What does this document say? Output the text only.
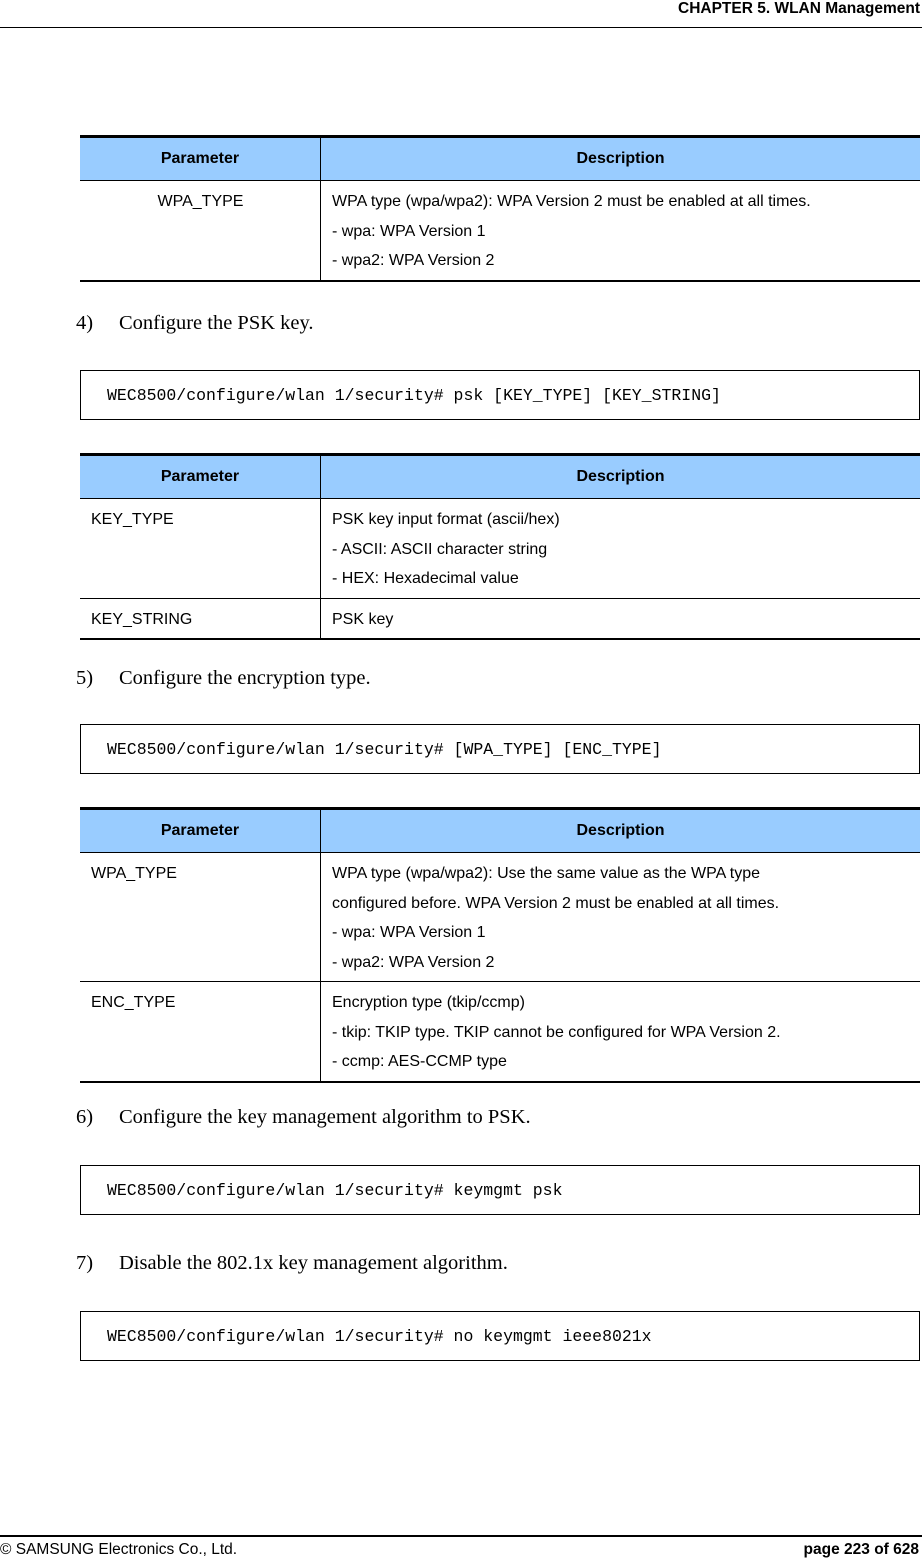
CHAPTER 5. WLAN Management
Parameter	Description
WPA_TYPE	WPA type (wpa/wpa2): WPA Version 2 must be enabled at all times.
- wpa: WPA Version 1
- wpa2: WPA Version 2
4) Configure the PSK key.
WEC8500/configure/wlan 1/security# psk [KEY_TYPE] [KEY_STRING]
Parameter	Description
KEY_TYPE	PSK key input format (ascii/hex)
- ASCII: ASCII character string
- HEX: Hexadecimal value

KEY_STRING	PSK key
5) Configure the encryption type.
WEC8500/configure/wlan 1/security# [WPA_TYPE] [ENC_TYPE]
Parameter	Description
WPA_TYPE	WPA type (wpa/wpa2): Use the same value as the WPA type
configured before. WPA Version 2 must be enabled at all times.
- wpa: WPA Version 1
- wpa2: WPA Version 2

ENC_TYPE	Encryption type (tkip/ccmp)
- tkip: TKIP type. TKIP cannot be configured for WPA Version 2.
- ccmp: AES-CCMP type
6) Configure the key management algorithm to PSK.
WEC8500/configure/wlan 1/security# keymgmt psk
7) Disable the 802.1x key management algorithm.
WEC8500/configure/wlan 1/security# no keymgmt ieee8021x
© SAMSUNG Electronics Co., Ltd.	page 223 of 628
